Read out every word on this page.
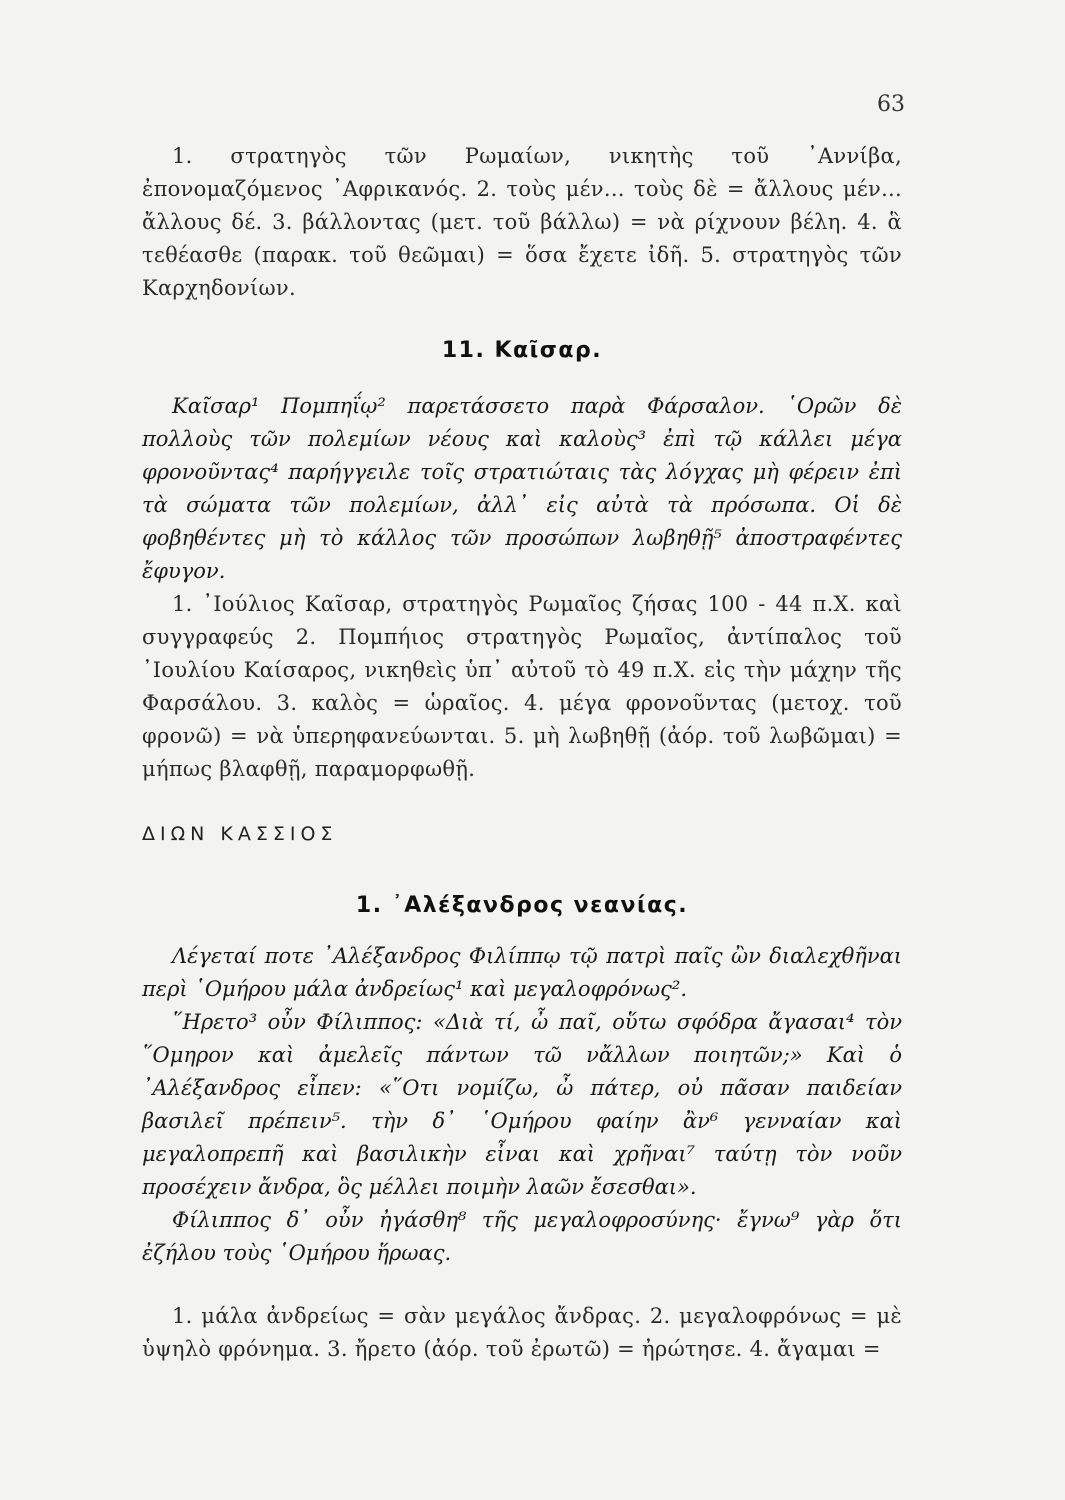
63

1. στρατηγὸς τῶν Ρωμαίων, νικητὴς τοῦ ᾽Αννίβα, ἐπονομαζόμενος ᾽Αφρικανός. 2. τοὺς μέν... τοὺς δὲ = ἄλλους μέν... ἄλλους δέ. 3. βάλλοντας (μετ. τοῦ βάλλω) = νὰ ρίχνουν βέλη. 4. ἃ τεθέασθε (παρακ. τοῦ θεῶμαι) = ὅσα ἔχετε ἰδῆ. 5. στρατηγὸς τῶν Καρχηδονίων.

11. Καῖσαρ.

Καῖσαρ¹ Πομπηΐῳ² παρετάσσετο παρὰ Φάρσαλον. ῾Ορῶν δὲ πολλοὺς τῶν πολεμίων νέους καὶ καλοὺς³ ἐπὶ τῷ κάλλει μέγα φρονοῦντας⁴ παρήγγειλε τοῖς στρατιώταις τὰς λόγχας μὴ φέρειν ἐπὶ τὰ σώματα τῶν πολεμίων, ἀλλ᾽ εἰς αὐτὰ τὰ πρόσωπα. Οἱ δὲ φοβηθέντες μὴ τὸ κάλλος τῶν προσώπων λωβηθῇ⁵ ἀποστραφέντες ἔφυγον.

1. ᾽Ιούλιος Καῖσαρ, στρατηγὸς Ρωμαῖος ζήσας 100 - 44 π.Χ. καὶ συγγραφεύς 2. Πομπήιος στρατηγὸς Ρωμαῖος, ἀντίπαλος τοῦ ᾽Ιουλίου Καίσαρος, νικηθεὶς ὑπ᾽ αὐτοῦ τὸ 49 π.Χ. εἰς τὴν μάχην τῆς Φαρσάλου. 3. καλὸς = ὡραῖος. 4. μέγα φρονοῦντας (μετοχ. τοῦ φρονῶ) = νὰ ὑπερηφανεύωνται. 5. μὴ λωβηθῇ (ἀόρ. τοῦ λωβῶμαι) = μήπως βλαφθῇ, παραμορφωθῇ.

ΔΙΩΝ ΚΑΣΣΙΟΣ
1. ᾽Αλέξανδρος νεανίας.

Λέγεταί ποτε ᾽Αλέξανδρος Φιλίππῳ τῷ πατρὶ παῖς ὢν διαλεχθῆναι περὶ ῾Ομήρου μάλα ἀνδρείως¹ καὶ μεγαλοφρόνως².

῞Ηρετο³ οὖν Φίλιππος: «Διὰ τί, ὦ παῖ, οὕτω σφόδρα ἄγασαι⁴ τὸν ῞Ομηρον καὶ ἀμελεῖς πάντων τῶ νἄλλων ποιητῶν;» Καὶ ὁ ᾽Αλέξανδρος εἶπεν: «῞Οτι νομίζω, ὦ πάτερ, οὐ πᾶσαν παιδείαν βασιλεῖ πρέπειν⁵. τὴν δ᾽ ῾Ομήρου φαίην ἂν⁶ γενναίαν καὶ μεγαλοπρεπῆ καὶ βασιλικὴν εἶναι καὶ χρῆναι⁷ ταύτῃ τὸν νοῦν προσέχειν ἄνδρα, ὃς μέλλει ποιμὴν λαῶν ἔσεσθαι».

Φίλιππος δ᾽ οὖν ἠγάσθη⁸ τῆς μεγαλοφροσύνης· ἔγνω⁹ γὰρ ὅτι ἐζήλου τοὺς ῾Ομήρου ἥρωας.

1. μάλα ἀνδρείως = σὰν μεγάλος ἄνδρας. 2. μεγαλοφρόνως = μὲ ὑψηλὸ φρόνημα. 3. ἤρετο (ἀόρ. τοῦ ἐρωτῶ) = ἠρώτησε. 4. ἄγαμαι =
